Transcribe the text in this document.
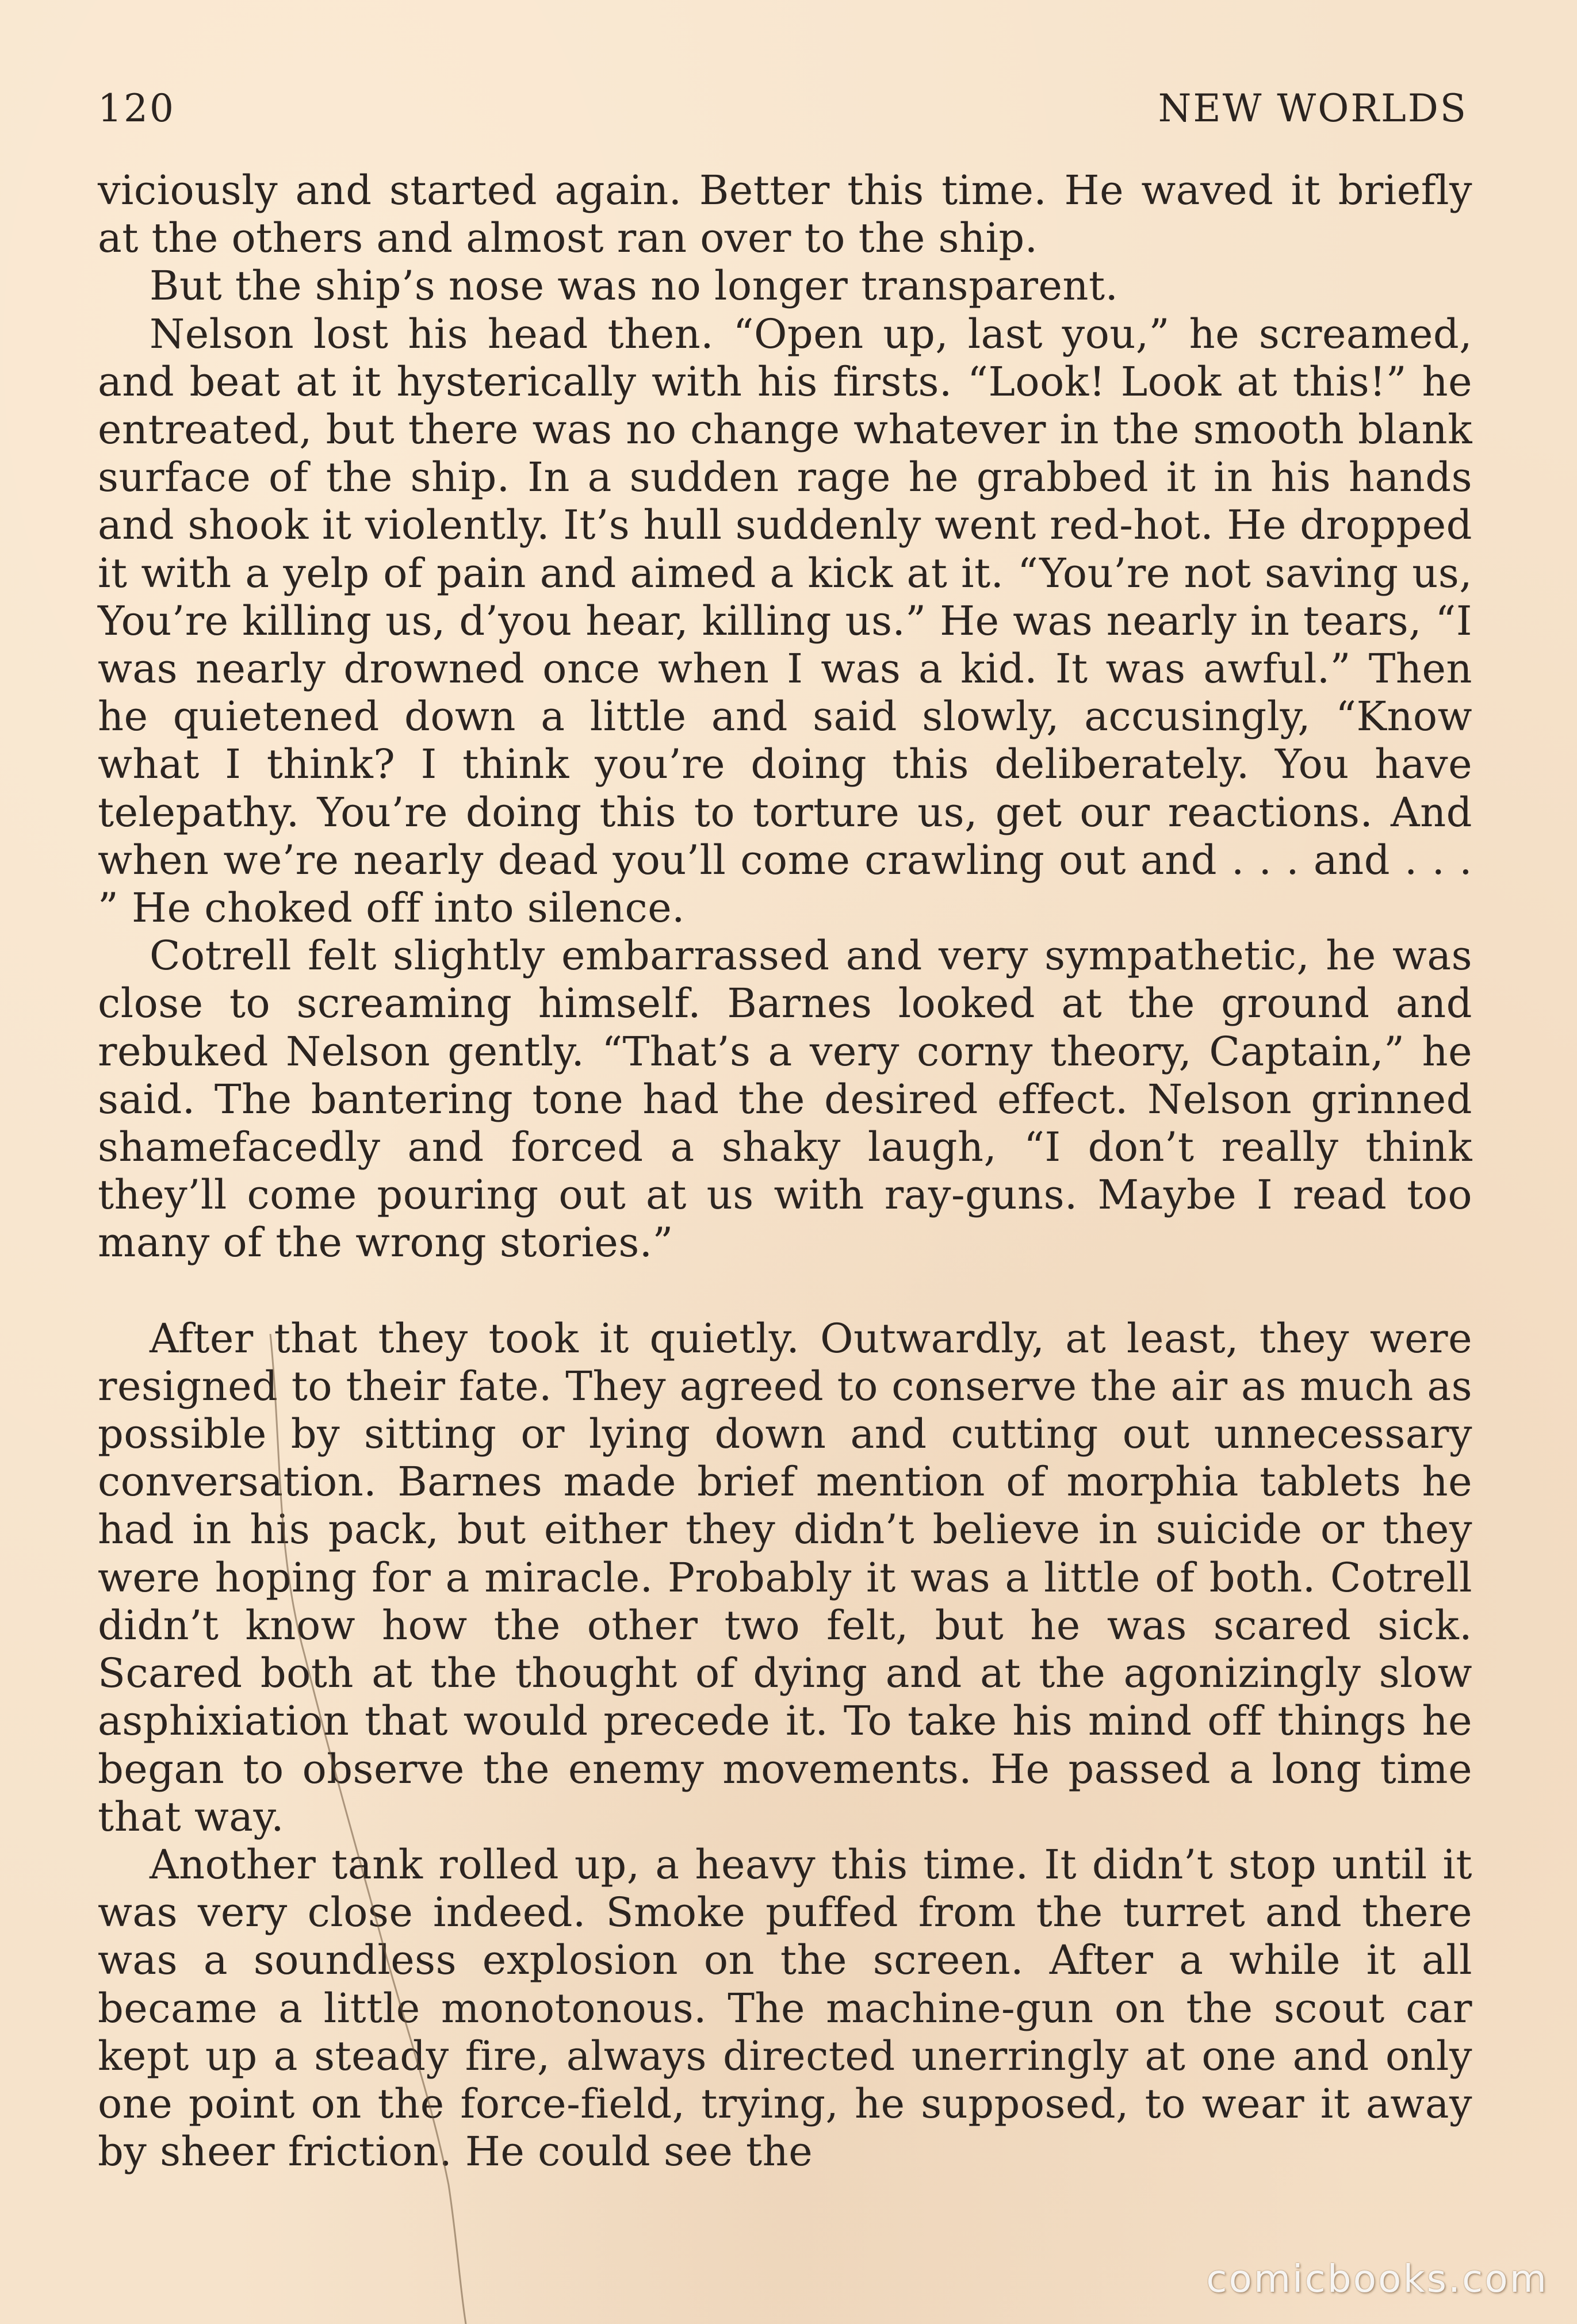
120	NEW WORLDS

viciously and started again. Better this time. He waved it briefly at the others and almost ran over to the ship.

But the ship’s nose was no longer transparent.

Nelson lost his head then. “Open up, last you,” he screamed, and beat at it hysterically with his firsts. “Look! Look at this!” he entreated, but there was no change whatever in the smooth blank surface of the ship. In a sudden rage he grabbed it in his hands and shook it violently. It’s hull suddenly went red-hot. He dropped it with a yelp of pain and aimed a kick at it. “You’re not saving us, You’re killing us, d’you hear, killing us.” He was nearly in tears, “I was nearly drowned once when I was a kid. It was awful.” Then he quietened down a little and said slowly, accusingly, “Know what I think? I think you’re doing this deliberately. You have telepathy. You’re doing this to torture us, get our reactions. And when we’re nearly dead you’ll come crawling out and . . . and . . . ” He choked off into silence.

Cotrell felt slightly embarrassed and very sympathetic, he was close to screaming himself. Barnes looked at the ground and rebuked Nelson gently. “That’s a very corny theory, Captain,” he said. The bantering tone had the desired effect. Nelson grinned shamefacedly and forced a shaky laugh, “I don’t really think they’ll come pouring out at us with ray-guns. Maybe I read too many of the wrong stories.”

After that they took it quietly. Outwardly, at least, they were resigned to their fate. They agreed to conserve the air as much as possible by sitting or lying down and cutting out unnecessary conversation. Barnes made brief mention of morphia tablets he had in his pack, but either they didn’t believe in suicide or they were hoping for a miracle. Probably it was a little of both. Cotrell didn’t know how the other two felt, but he was scared sick. Scared both at the thought of dying and at the agonizingly slow asphixiation that would precede it. To take his mind off things he began to observe the enemy movements. He passed a long time that way.

Another tank rolled up, a heavy this time. It didn’t stop until it was very close indeed. Smoke puffed from the turret and there was a soundless explosion on the screen. After a while it all became a little monotonous. The machine-gun on the scout car kept up a steady fire, always directed unerringly at one and only one point on the force-field, trying, he supposed, to wear it away by sheer friction. He could see the

comicbooks.com
